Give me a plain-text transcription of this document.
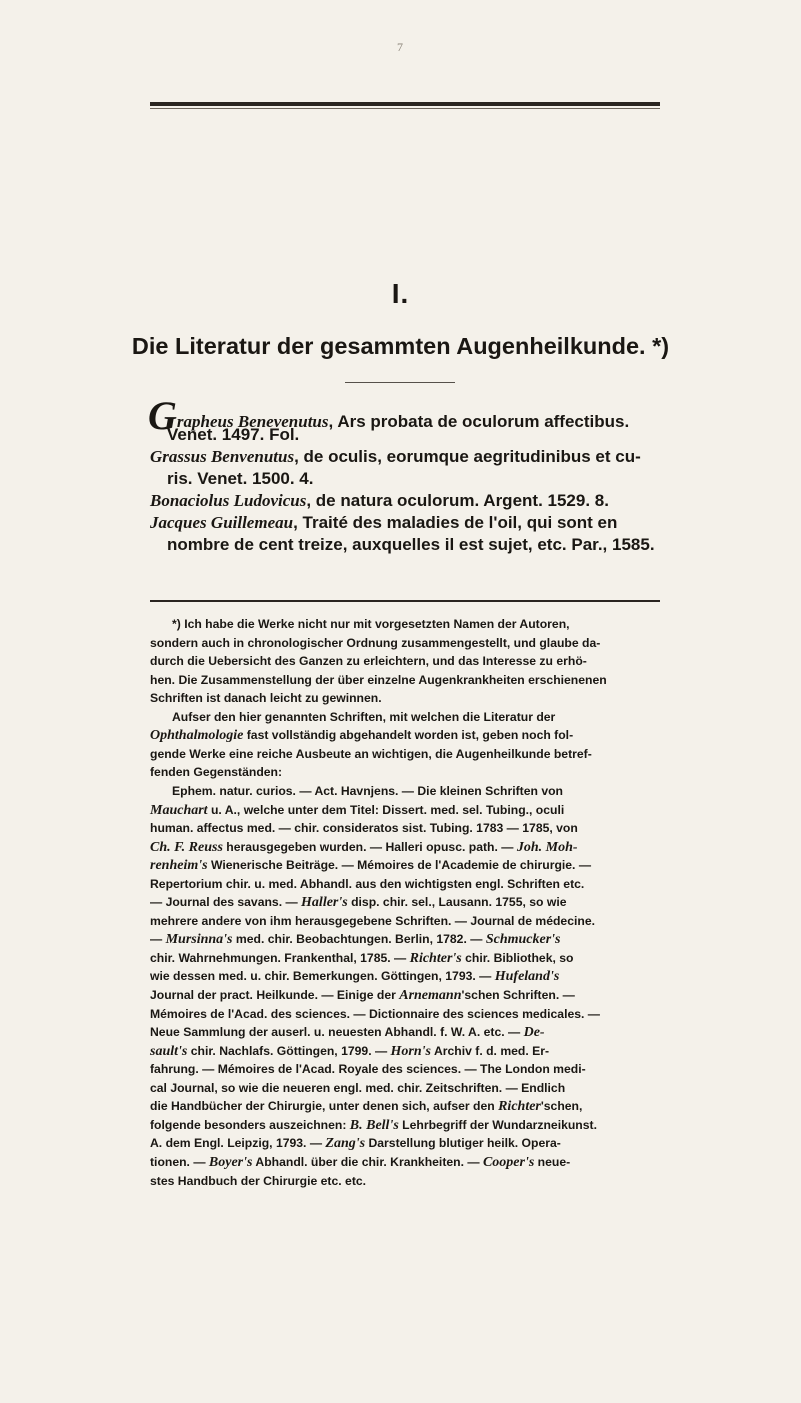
7
I.
Die Literatur der gesammten Augenheilkunde. *)
Grapheus Benevenutus, Ars probata de oculorum affectibus.
Venet. 1497. Fol.
Grassus Benvenutus, de oculis, eorumque aegritudinibus et cu-
ris. Venet. 1500. 4.
Bonaciolus Ludovicus, de natura oculorum. Argent. 1529. 8.
Jacques Guillemeau, Traité des maladies de l'oil, qui sont en
nombre de cent treize, auxquelles il est sujet, etc. Par., 1585.
*) Ich habe die Werke nicht nur mit vorgesetzten Namen der Autoren,
sondern auch in chronologischer Ordnung zusammengestellt, und glaube da-
durch die Uebersicht des Ganzen zu erleichtern, und das Interesse zu erhö-
hen. Die Zusammenstellung der über einzelne Augenkrankheiten erschienenen
Schriften ist danach leicht zu gewinnen.
Aufser den hier genannten Schriften, mit welchen die Literatur der
Ophthalmologie fast vollständig abgehandelt worden ist, geben noch fol-
gende Werke eine reiche Ausbeute an wichtigen, die Augenheilkunde betref-
fenden Gegenständen:
Ephem. natur. curios. — Act. Havnjens. — Die kleinen Schriften von
Mauchart u. A., welche unter dem Titel: Dissert. med. sel. Tubing., oculi
human. affectus med. — chir. consideratos sist. Tubing. 1783 — 1785, von
Ch. F. Reuss herausgegeben wurden. — Halleri opusc. path. — Joh. Moh-
renheim's Wienerische Beiträge. — Mémoires de l'Academie de chirurgie. —
Repertorium chir. u. med. Abhandl. aus den wichtigsten engl. Schriften etc.
— Journal des savans. — Haller's disp. chir. sel., Lausann. 1755, so wie
mehrere andere von ihm herausgegebene Schriften. — Journal de médecine.
— Mursinna's med. chir. Beobachtungen. Berlin, 1782. — Schmucker's
chir. Wahrnehmungen. Frankenthal, 1785. — Richter's chir. Bibliothek, so
wie dessen med. u. chir. Bemerkungen. Göttingen, 1793. — Hufeland's
Journal der pract. Heilkunde. — Einige der Arnemann'schen Schriften. —
Mémoires de l'Acad. des sciences. — Dictionnaire des sciences medicales. —
Neue Sammlung der auserl. u. neuesten Abhandl. f. W. A. etc. — De-
sault's chir. Nachlafs. Göttingen, 1799. — Horn's Archiv f. d. med. Er-
fahrung. — Mémoires de l'Acad. Royale des sciences. — The London medi-
cal Journal, so wie die neueren engl. med. chir. Zeitschriften. — Endlich
die Handbücher der Chirurgie, unter denen sich, aufser den Richter'schen,
folgende besonders auszeichnen: B. Bell's Lehrbegriff der Wundarzneikunst.
A. dem Engl. Leipzig, 1793. — Zang's Darstellung blutiger heilk. Opera-
tionen. — Boyer's Abhandl. über die chir. Krankheiten. — Cooper's neue-
stes Handbuch der Chirurgie etc. etc.
